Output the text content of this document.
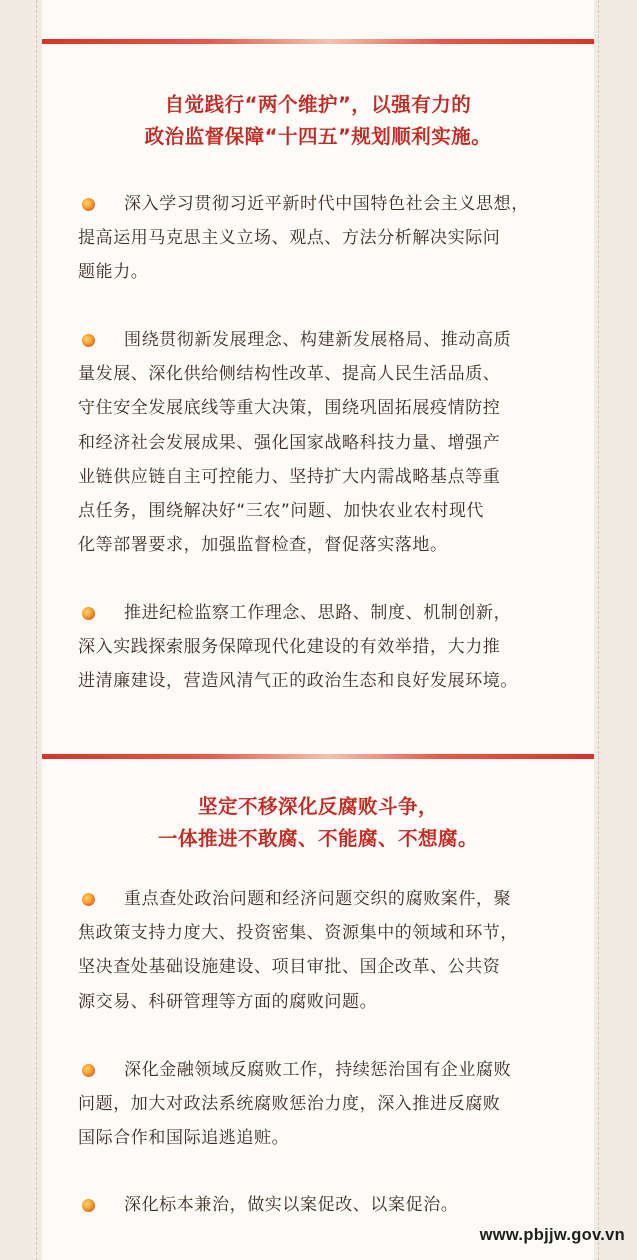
自觉践行“两个维护”，以强有力的
政治监督保障“十四五”规划顺利实施。
深入学习贯彻习近平新时代中国特色社会主义思想，
提高运用马克思主义立场、观点、方法分析解决实际问
题能力。
围绕贯彻新发展理念、构建新发展格局、推动高质
量发展、深化供给侧结构性改革、提高人民生活品质、
守住安全发展底线等重大决策，围绕巩固拓展疫情防控
和经济社会发展成果、强化国家战略科技力量、增强产
业链供应链自主可控能力、坚持扩大内需战略基点等重
点任务，围绕解决好“三农”问题、加快农业农村现代
化等部署要求，加强监督检查，督促落实落地。
推进纪检监察工作理念、思路、制度、机制创新，
深入实践探索服务保障现代化建设的有效举措，大力推
进清廉建设，营造风清气正的政治生态和良好发展环境。
坚定不移深化反腐败斗争，
一体推进不敢腐、不能腐、不想腐。
重点查处政治问题和经济问题交织的腐败案件，聚
焦政策支持力度大、投资密集、资源集中的领域和环节，
坚决查处基础设施建设、项目审批、国企改革、公共资
源交易、科研管理等方面的腐败问题。
深化金融领域反腐败工作，持续惩治国有企业腐败
问题，加大对政法系统腐败惩治力度，深入推进反腐败
国际合作和国际追逃追赃。
深化标本兼治，做实以案促改、以案促治。
www.pbjjw.gov.vn
